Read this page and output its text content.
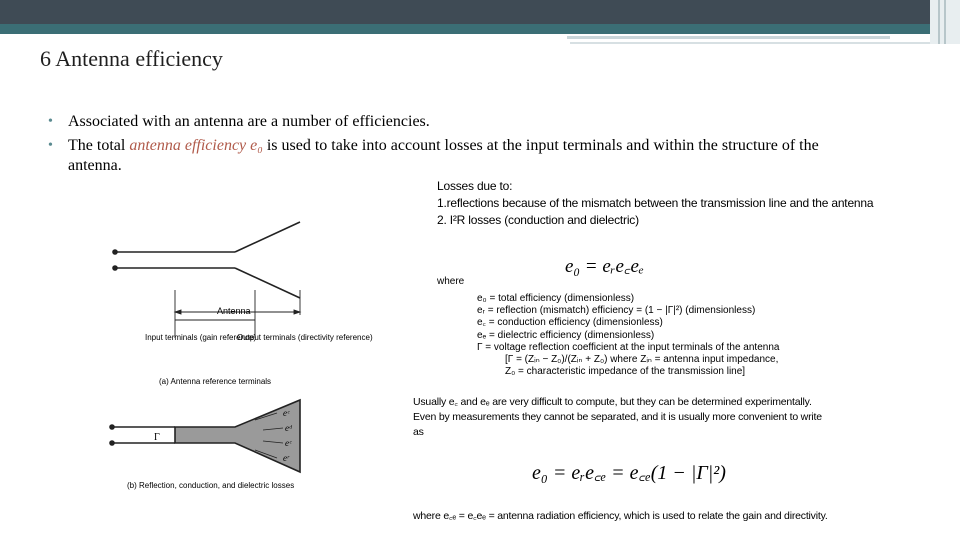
6 Antenna efficiency
• Associated with an antenna are a number of efficiencies.
• The total antenna efficiency e₀ is used to take into account losses at the input terminals and within the structure of the antenna.
Losses due to:
1.reflections because of the mismatch between the transmission line and the antenna
2. I²R losses (conduction and dielectric)
e₀ = eᵣe꜀eₑ
where
e₀ = total efficiency (dimensionless)
eᵣ = reflection (mismatch) efficiency = (1 − |Γ|²) (dimensionless)
e꜀ = conduction efficiency (dimensionless)
eₑ = dielectric efficiency (dimensionless)
Γ = voltage reflection coefficient at the input terminals of the antenna
[Γ = (Zᵢₙ − Z₀)/(Zᵢₙ + Z₀) where Zᵢₙ = antenna input impedance,
Z₀ = characteristic impedance of the transmission line]
Usually e꜀ and eₑ are very difficult to compute, but they can be determined experimentally. Even by measurements they cannot be separated, and it is usually more convenient to write as
e₀ = eᵣe꜀ₑ = e꜀ₑ(1 − |Γ|²)
where e꜀ₑ = e꜀eₑ = antenna radiation efficiency, which is used to relate the gain and directivity.
Antenna
Input terminals (gain reference)
Output terminals (directivity reference)
(a) Antenna reference terminals
Γ
eᶜ
eᵈ
eᶜ
eʳ
(b) Reflection, conduction, and dielectric losses
